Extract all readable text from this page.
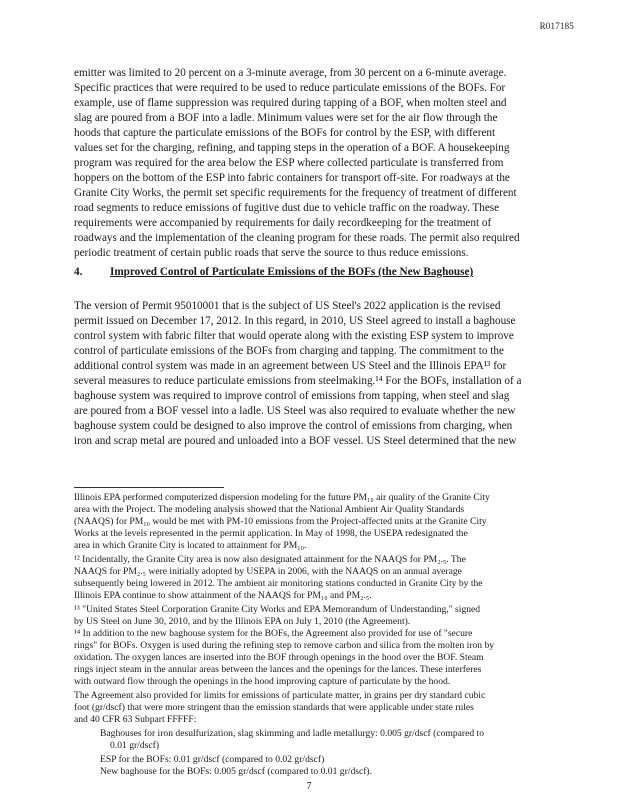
R017185
emitter was limited to 20 percent on a 3-minute average, from 30 percent on a 6-minute average.
Specific practices that were required to be used to reduce particulate emissions of the BOFs. For
example, use of flame suppression was required during tapping of a BOF, when molten steel and
slag are poured from a BOF into a ladle. Minimum values were set for the air flow through the
hoods that capture the particulate emissions of the BOFs for control by the ESP, with different
values set for the charging, refining, and tapping steps in the operation of a BOF. A housekeeping
program was required for the area below the ESP where collected particulate is transferred from
hoppers on the bottom of the ESP into fabric containers for transport off-site. For roadways at the
Granite City Works, the permit set specific requirements for the frequency of treatment of different
road segments to reduce emissions of fugitive dust due to vehicle traffic on the roadway. These
requirements were accompanied by requirements for daily recordkeeping for the treatment of
roadways and the implementation of the cleaning program for these roads. The permit also required
periodic treatment of certain public roads that serve the source to thus reduce emissions.
4. Improved Control of Particulate Emissions of the BOFs (the New Baghouse)
The version of Permit 95010001 that is the subject of US Steel's 2022 application is the revised
permit issued on December 17, 2012. In this regard, in 2010, US Steel agreed to install a baghouse
control system with fabric filter that would operate along with the existing ESP system to improve
control of particulate emissions of the BOFs from charging and tapping. The commitment to the
additional control system was made in an agreement between US Steel and the Illinois EPA¹³ for
several measures to reduce particulate emissions from steelmaking.¹⁴ For the BOFs, installation of a
baghouse system was required to improve control of emissions from tapping, when steel and slag
are poured from a BOF vessel into a ladle. US Steel was also required to evaluate whether the new
baghouse system could be designed to also improve the control of emissions from charging, when
iron and scrap metal are poured and unloaded into a BOF vessel. US Steel determined that the new
Illinois EPA performed computerized dispersion modeling for the future PM₁₀ air quality of the Granite City
area with the Project. The modeling analysis showed that the National Ambient Air Quality Standards
(NAAQS) for PM₁₀ would be met with PM-10 emissions from the Project-affected units at the Granite City
Works at the levels represented in the permit application. In May of 1998, the USEPA redesignated the
area in which Granite City is located to attainment for PM₁₀.
¹² Incidentally, the Granite City area is now also designated attainment for the NAAQS for PM₂.₅. The
NAAQS for PM₂.₅ were initially adopted by USEPA in 2006, with the NAAQS on an annual average
subsequently being lowered in 2012. The ambient air monitoring stations conducted in Granite City by the
Illinois EPA continue to show attainment of the NAAQS for PM₁₀ and PM₂.₅.
¹³ "United States Steel Corporation Granite City Works and EPA Memorandum of Understanding," signed
by US Steel on June 30, 2010, and by the Illinois EPA on July 1, 2010 (the Agreement).
¹⁴ In addition to the new baghouse system for the BOFs, the Agreement also provided for use of "secure
rings" for BOFs. Oxygen is used during the refining step to remove carbon and silica from the molten iron by
oxidation. The oxygen lances are inserted into the BOF through openings in the hood over the BOF. Steam
rings inject steam in the annular areas between the lances and the openings for the lances. These interferes
with outward flow through the openings in the hood improving capture of particulate by the hood.
The Agreement also provided for limits for emissions of particulate matter, in grains per dry standard cubic
foot (gr/dscf) that were more stringent than the emission standards that were applicable under state rules
and 40 CFR 63 Subpart FFFFF:
Baghouses for iron desulfurization, slag skimming and ladle metallurgy: 0.005 gr/dscf (compared to
0.01 gr/dscf)
ESP for the BOFs: 0.01 gr/dscf (compared to 0.02 gr/dscf)
New baghouse for the BOFs: 0.005 gr/dscf (compared to 0.01 gr/dscf).
7
